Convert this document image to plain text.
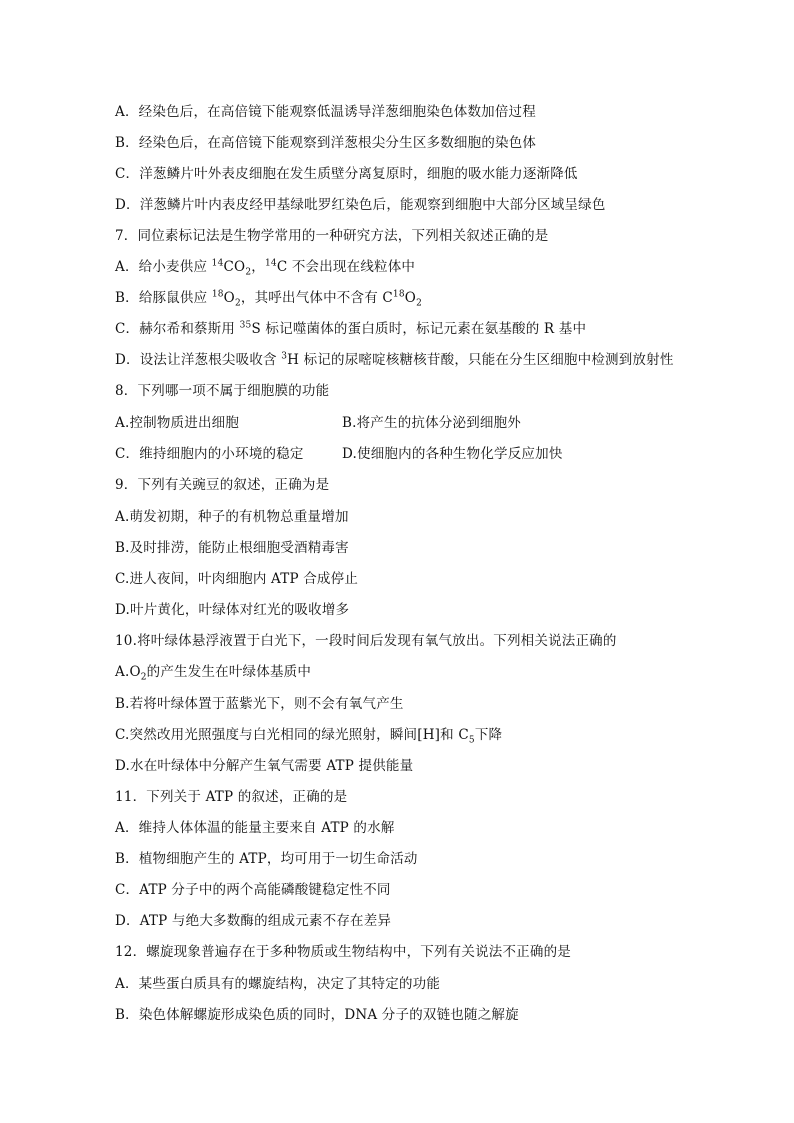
A．经染色后，在高倍镜下能观察低温诱导洋葱细胞染色体数加倍过程
B．经染色后，在高倍镜下能观察到洋葱根尖分生区多数细胞的染色体
C．洋葱鳞片叶外表皮细胞在发生质壁分离复原时，细胞的吸水能力逐渐降低
D．洋葱鳞片叶内表皮经甲基绿吡罗红染色后，能观察到细胞中大部分区域呈绿色
7．同位素标记法是生物学常用的一种研究方法，下列相关叙述正确的是
A．给小麦供应 $^{14}CO_2$，$^{14}$C 不会出现在线粒体中
B．给豚鼠供应 $^{18}O_2$，其呼出气体中不含有 $C^{18}O_2$
C．赫尔希和蔡斯用 $^{35}$S 标记噬菌体的蛋白质时，标记元素在氨基酸的 R 基中
D．设法让洋葱根尖吸收含 $^3$H 标记的尿嘧啶核糖核苷酸，只能在分生区细胞中检测到放射性
8．下列哪一项不属于细胞膜的功能
A.控制物质进出细胞	B.将产生的抗体分泌到细胞外
C．维持细胞内的小环境的稳定	D.使细胞内的各种生物化学反应加快
9．下列有关豌豆的叙述，正确为是
A.萌发初期，种子的有机物总重量增加
B.及时排涝，能防止根细胞受酒精毒害
C.进人夜间，叶肉细胞内 ATP 合成停止
D.叶片黄化，叶绿体对红光的吸收增多
10.将叶绿体悬浮液置于白光下，一段时间后发现有氧气放出。下列相关说法正确的
$A.O_2$的产生发生在叶绿体基质中
B.若将叶绿体置于蓝紫光下，则不会有氧气产生
C.突然改用光照强度与白光相同的绿光照射，瞬间[H]和 $C_5$下降
D.水在叶绿体中分解产生氧气需要 ATP 提供能量
11．下列关于 ATP 的叙述，正确的是
A．维持人体体温的能量主要来自 ATP 的水解
B．植物细胞产生的 ATP，均可用于一切生命活动
C．ATP 分子中的两个高能磷酸键稳定性不同
D．ATP 与绝大多数酶的组成元素不存在差异
12．螺旋现象普遍存在于多种物质或生物结构中，下列有关说法不正确的是
A．某些蛋白质具有的螺旋结构，决定了其特定的功能
B．染色体解螺旋形成染色质的同时，DNA 分子的双链也随之解旋
